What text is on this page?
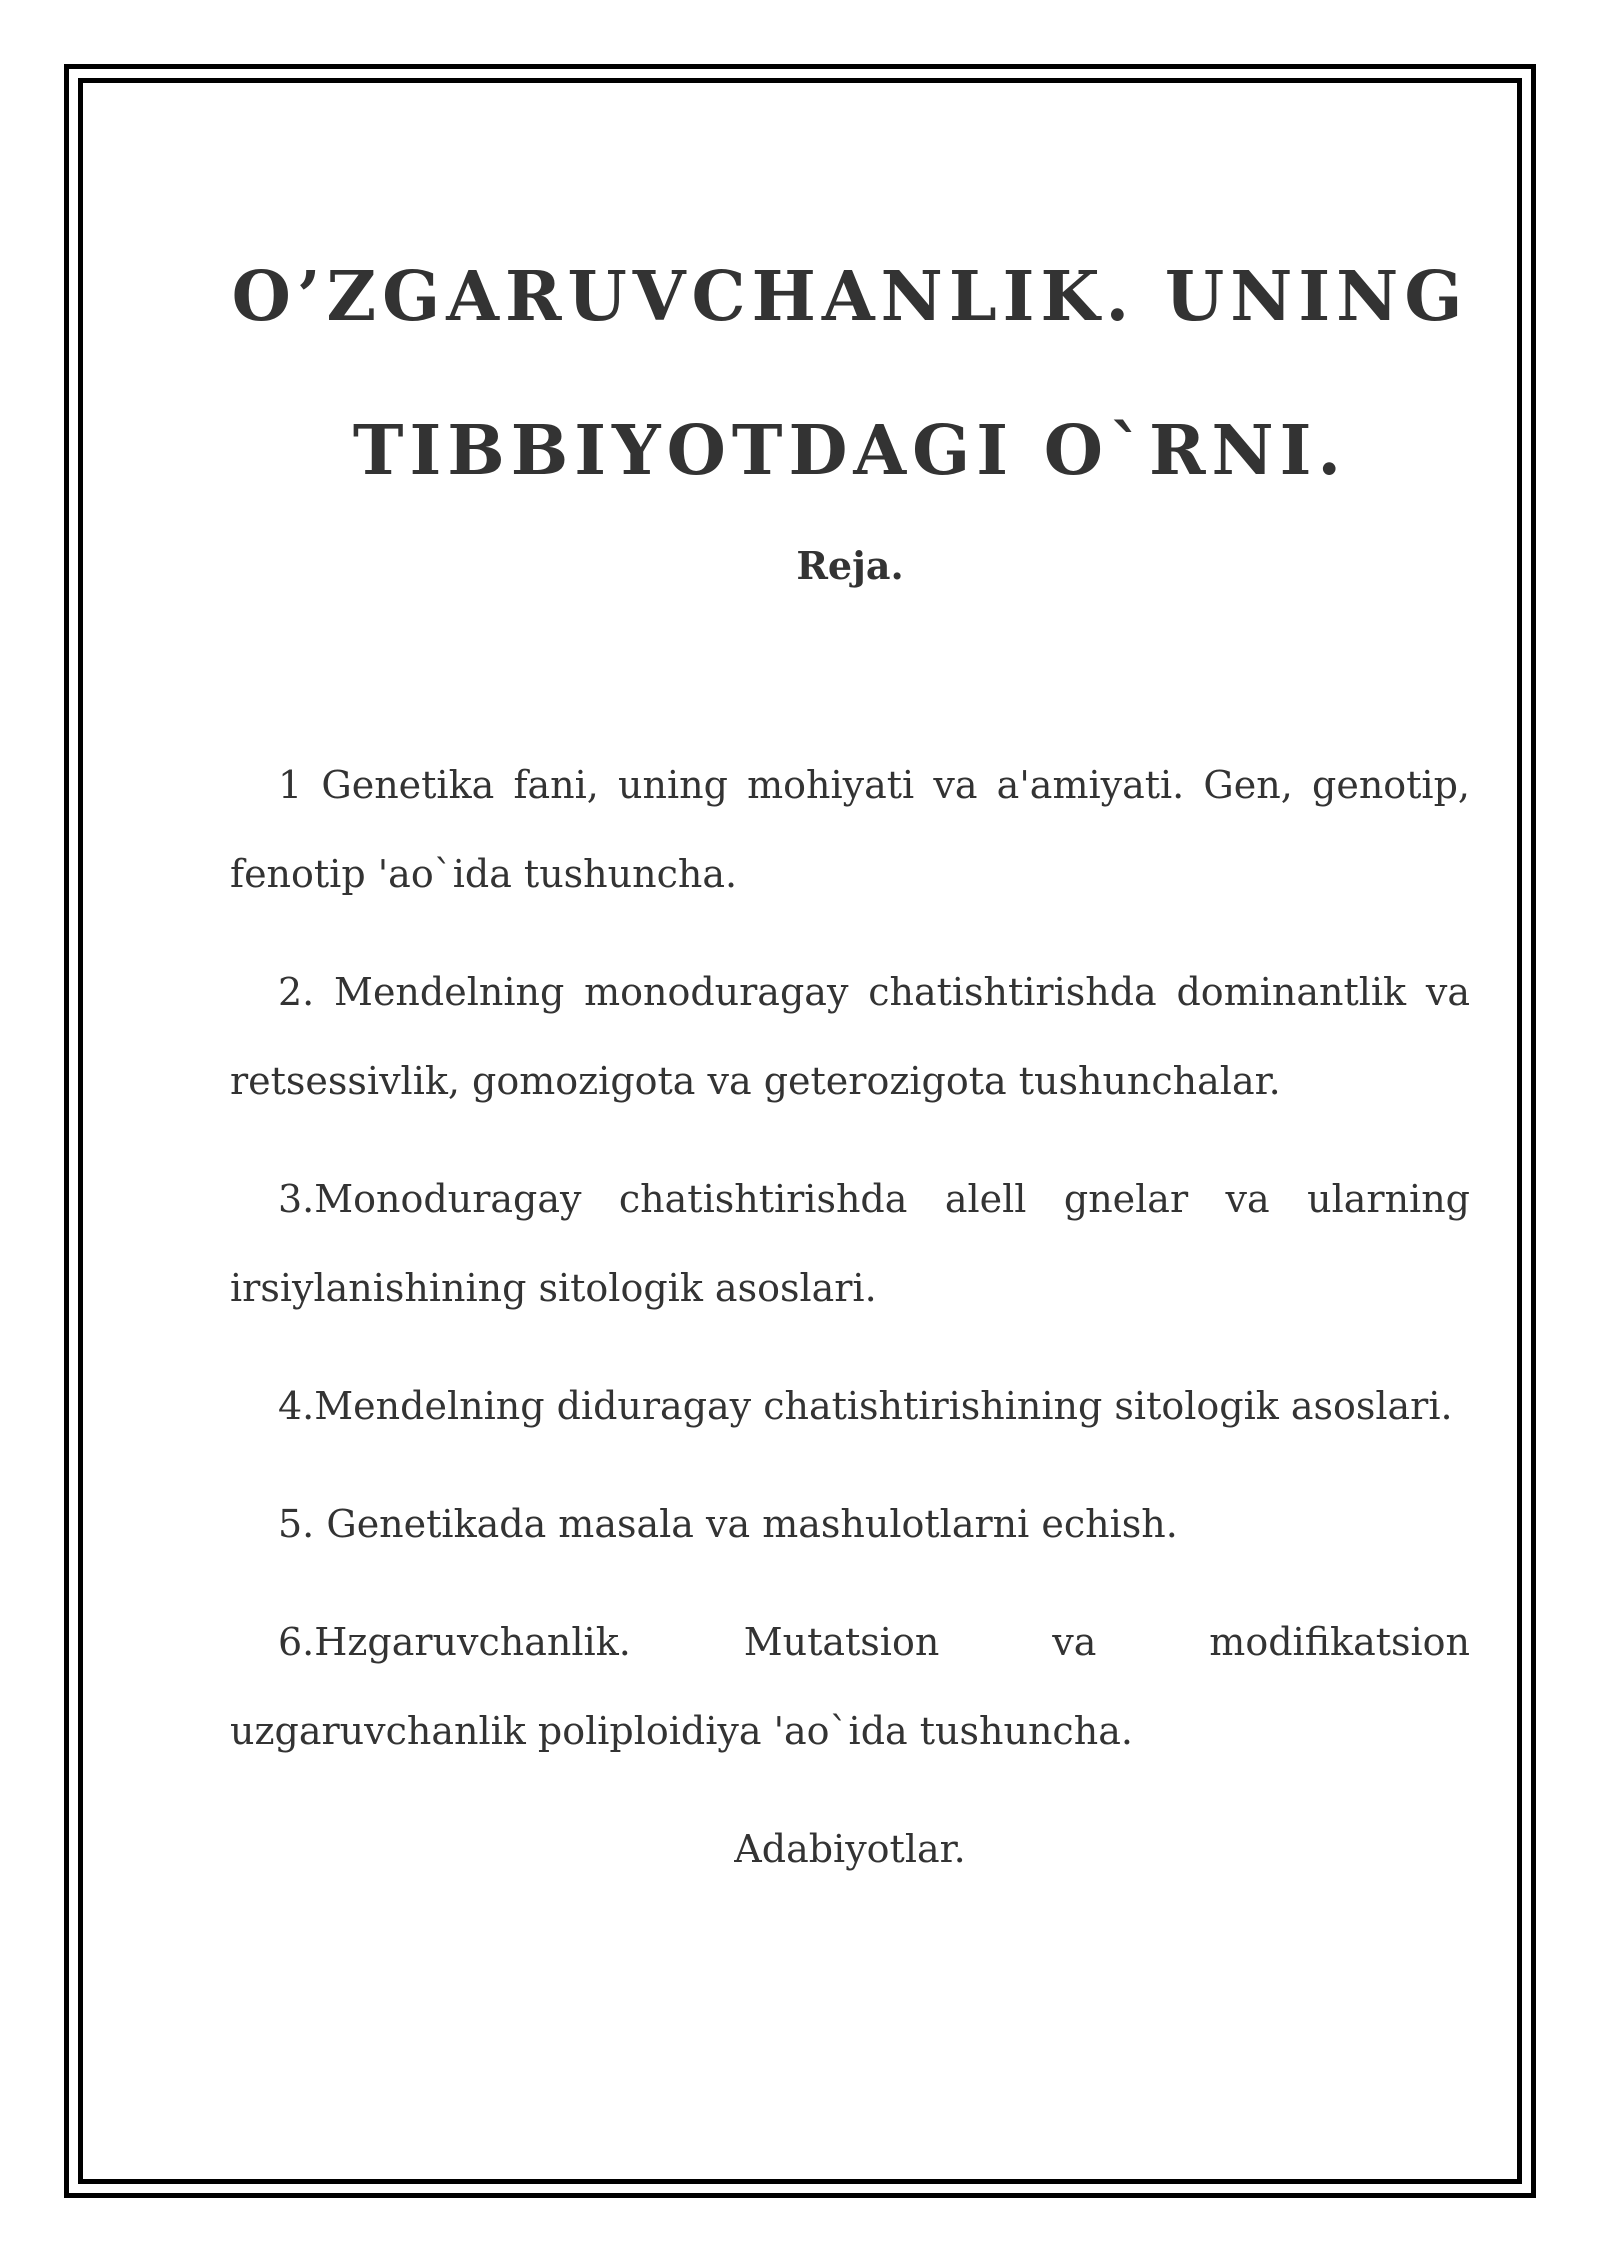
O’ZGARUVCHANLIK. UNING
TIBBIYOTDAGI O`RNI.

Reja.

1 Genetika fani, uning mohiyati va a'amiyati. Gen, genotip, fenotip 'ao`ida tushuncha.
2. Mendelning monoduragay chatishtirishda dominantlik va retsessivlik, gomozigota va geterozigota tushunchalar.
3.Monoduragay chatishtirishda alell gnelar va ularning irsiylanishining sitologik asoslari.
4.Mendelning diduragay chatishtirishining sitologik asoslari.
5. Genetikada masala va mashulotlarni echish.
6.Hzgaruvchanlik. Mutatsion va modifikatsion uzgaruvchanlik poliploidiya 'ao`ida tushuncha.

Adabiyotlar.
